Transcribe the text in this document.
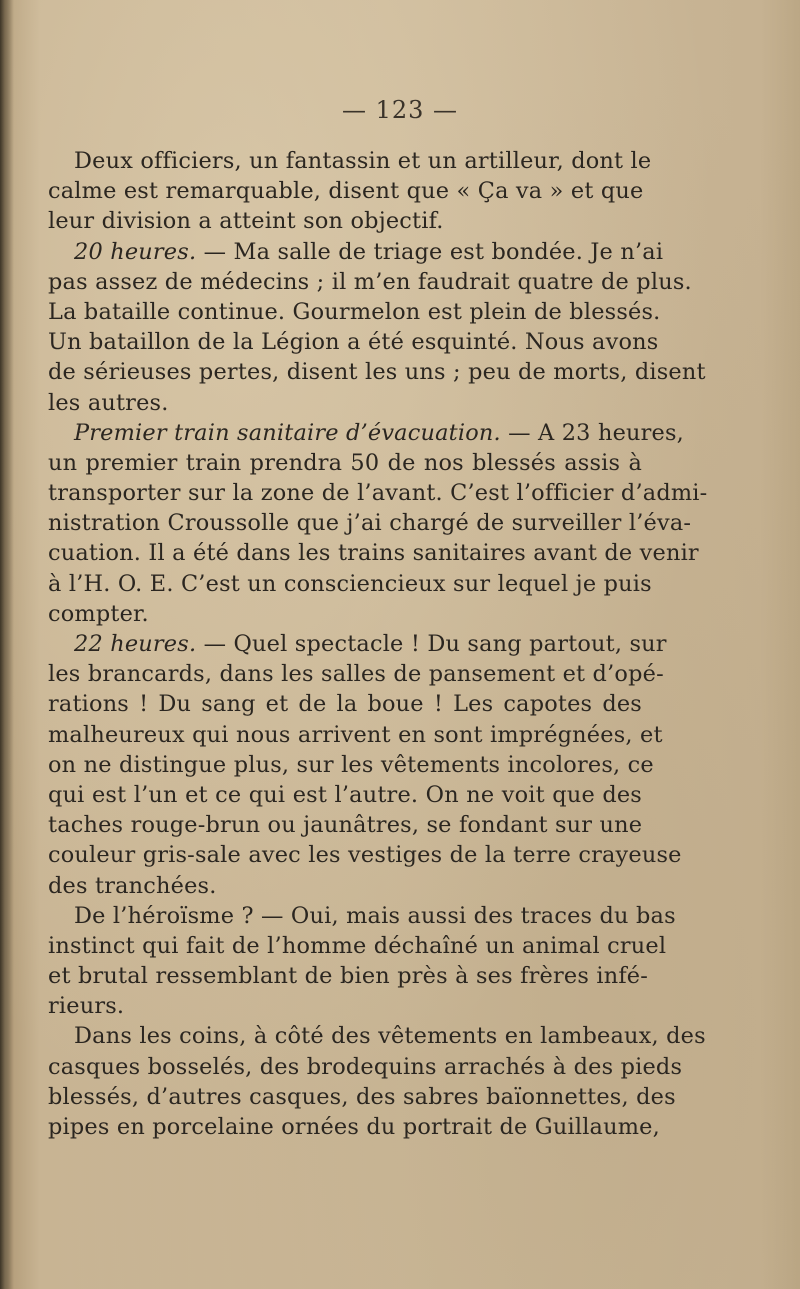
— 123 —
Deux officiers, un fantassin et un artilleur, dont le
calme est remarquable, disent que « Ça va » et que
leur division a atteint son objectif.
20 heures. — Ma salle de triage est bondée. Je n’ai
pas assez de médecins ; il m’en faudrait quatre de plus.
La bataille continue. Gourmelon est plein de blessés.
Un bataillon de la Légion a été esquinté. Nous avons
de sérieuses pertes, disent les uns ; peu de morts, disent
les autres.
Premier train sanitaire d’évacuation. — A 23 heures,
un premier train prendra 50 de nos blessés assis à
transporter sur la zone de l’avant. C’est l’officier d’admi-
nistration Croussolle que j’ai chargé de surveiller l’éva-
cuation. Il a été dans les trains sanitaires avant de venir
à l’H. O. E. C’est un consciencieux sur lequel je puis
compter.
22 heures. — Quel spectacle ! Du sang partout, sur
les brancards, dans les salles de pansement et d’opé-
rations ! Du sang et de la boue ! Les capotes des
malheureux qui nous arrivent en sont imprégnées, et
on ne distingue plus, sur les vêtements incolores, ce
qui est l’un et ce qui est l’autre. On ne voit que des
taches rouge-brun ou jaunâtres, se fondant sur une
couleur gris-sale avec les vestiges de la terre crayeuse
des tranchées.
De l’héroïsme ? — Oui, mais aussi des traces du bas
instinct qui fait de l’homme déchaîné un animal cruel
et brutal ressemblant de bien près à ses frères infé-
rieurs.
Dans les coins, à côté des vêtements en lambeaux, des
casques bosselés, des brodequins arrachés à des pieds
blessés, d’autres casques, des sabres baïonnettes, des
pipes en porcelaine ornées du portrait de Guillaume,
